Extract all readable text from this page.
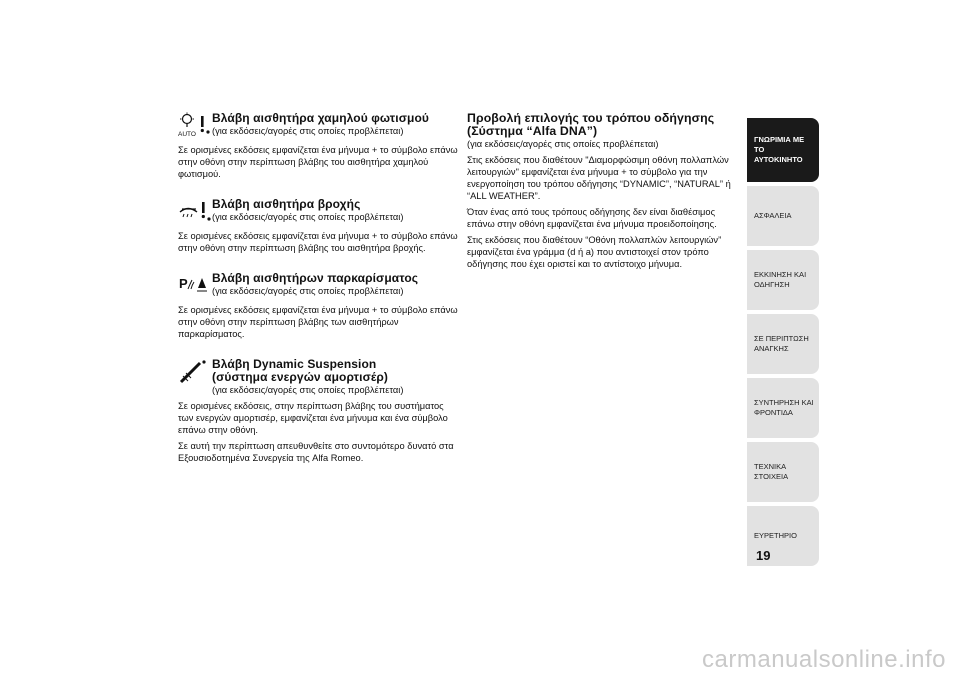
AUTO
Βλάβη αισθητήρα χαμηλού φωτισμού

(για εκδόσεις/αγορές στις οποίες προβλέπεται)

Σε ορισμένες εκδόσεις εμφανίζεται ένα μήνυμα + το σύμβολο επάνω στην οθόνη στην περίπτωση βλάβης του αισθητήρα χαμηλού φωτισμού.

Βλάβη αισθητήρα βροχής

(για εκδόσεις/αγορές στις οποίες προβλέπεται)

Σε ορισμένες εκδόσεις εμφανίζεται ένα μήνυμα + το σύμβολο επάνω στην οθόνη στην περίπτωση βλάβης του αισθητήρα βροχής.

P Βλάβη αισθητήρων παρκαρίσματος

(για εκδόσεις/αγορές στις οποίες προβλέπεται)

Σε ορισμένες εκδόσεις εμφανίζεται ένα μήνυμα + το σύμβολο επάνω στην οθόνη στην περίπτωση βλάβης των αισθητήρων παρκαρίσματος.

Βλάβη Dynamic Suspension
(σύστημα ενεργών αμορτισέρ)

(για εκδόσεις/αγορές στις οποίες προβλέπεται)

Σε ορισμένες εκδόσεις, στην περίπτωση βλάβης του συστήματος των ενεργών αμορτισέρ, εμφανίζεται ένα μήνυμα και ένα σύμβολο επάνω στην οθόνη.

Σε αυτή την περίπτωση απευθυνθείτε στο συντομότερο δυνατό στα Εξουσιοδοτημένα Συνεργεία της Alfa Romeo.

Προβολή επιλογής του τρόπου οδήγησης
(Σύστημα “Alfa DNA”)

(για εκδόσεις/αγορές στις οποίες προβλέπεται)

Στις εκδόσεις που διαθέτουν "Διαμορφώσιμη οθόνη πολλαπλών λειτουργιών" εμφανίζεται ένα μήνυμα + το σύμβολο για την ενεργοποίηση του τρόπου οδήγησης “DYNAMIC”, “NATURAL” ή “ALL WEATHER”.

Όταν ένας από τους τρόπους οδήγησης δεν είναι διαθέσιμος επάνω στην οθόνη εμφανίζεται ένα μήνυμα προειδοποίησης.

Στις εκδόσεις που διαθέτουν “Οθόνη πολλαπλών λειτουργιών” εμφανίζεται ένα γράμμα (d ή a) που αντιστοιχεί στον τρόπο οδήγησης που έχει οριστεί και το αντίστοιχο μήνυμα.

ΓΝΩΡΙΜΙΑ ΜΕ ΤΟ ΑΥΤΟΚΙΝΗΤΟ
ΑΣΦΑΛΕΙΑ
ΕΚΚΙΝΗΣΗ ΚΑΙ ΟΔΗΓΗΣΗ
ΣΕ ΠΕΡΙΠΤΩΣΗ ΑΝΑΓΚΗΣ
ΣΥΝΤΗΡΗΣΗ ΚΑΙ ΦΡΟΝΤΙΔΑ
ΤΕΧΝΙΚΑ ΣΤΟΙΧΕΙΑ
ΕΥΡΕΤΗΡΙΟ
19
carmanualsonline.info
